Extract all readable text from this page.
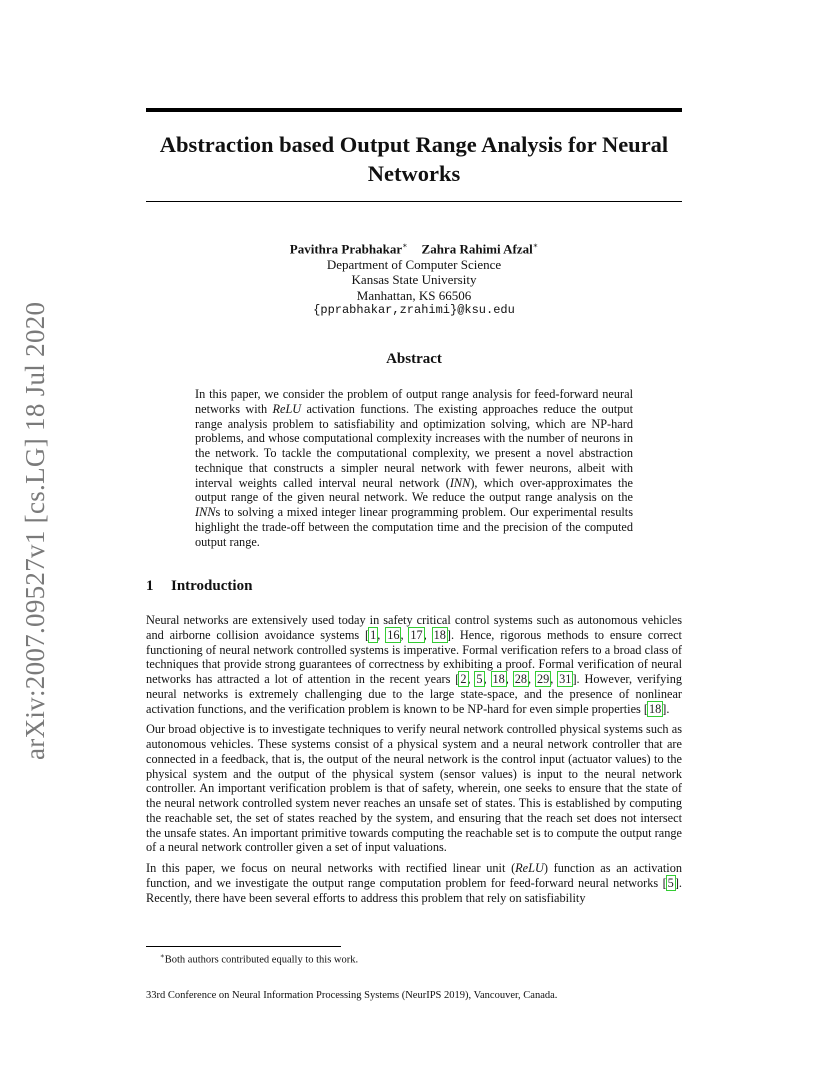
arXiv:2007.09527v1 [cs.LG] 18 Jul 2020
Abstraction based Output Range Analysis for Neural Networks
Pavithra Prabhakar∗ Zahra Rahimi Afzal∗
Department of Computer Science
Kansas State University
Manhattan, KS 66506
{pprabhakar,zrahimi}@ksu.edu
Abstract

In this paper, we consider the problem of output range analysis for feed-forward neural networks with ReLU activation functions. The existing approaches reduce the output range analysis problem to satisfiability and optimization solving, which are NP-hard problems, and whose computational complexity increases with the number of neurons in the network. To tackle the computational complexity, we present a novel abstraction technique that constructs a simpler neural network with fewer neurons, albeit with interval weights called interval neural network (INN), which over-approximates the output range of the given neural network. We reduce the output range analysis on the INNs to solving a mixed integer linear programming problem. Our experimental results highlight the trade-off between the computation time and the precision of the computed output range.

1 Introduction

Neural networks are extensively used today in safety critical control systems such as autonomous vehicles and airborne collision avoidance systems [1, 16, 17, 18]. Hence, rigorous methods to ensure correct functioning of neural network controlled systems is imperative. Formal verification refers to a broad class of techniques that provide strong guarantees of correctness by exhibiting a proof. Formal verification of neural networks has attracted a lot of attention in the recent years [2, 5, 18, 28, 29, 31]. However, verifying neural networks is extremely challenging due to the large state-space, and the presence of nonlinear activation functions, and the verification problem is known to be NP-hard for even simple properties [18].

Our broad objective is to investigate techniques to verify neural network controlled physical systems such as autonomous vehicles. These systems consist of a physical system and a neural network controller that are connected in a feedback, that is, the output of the neural network is the control input (actuator values) to the physical system and the output of the physical system (sensor values) is input to the neural network controller. An important verification problem is that of safety, wherein, one seeks to ensure that the state of the neural network controlled system never reaches an unsafe set of states. This is established by computing the reachable set, the set of states reached by the system, and ensuring that the reach set does not intersect the unsafe states. An important primitive towards computing the reachable set is to compute the output range of a neural network controller given a set of input valuations.

In this paper, we focus on neural networks with rectified linear unit (ReLU) function as an activation function, and we investigate the output range computation problem for feed-forward neural networks [5]. Recently, there have been several efforts to address this problem that rely on satisfiability

∗Both authors contributed equally to this work.
33rd Conference on Neural Information Processing Systems (NeurIPS 2019), Vancouver, Canada.
